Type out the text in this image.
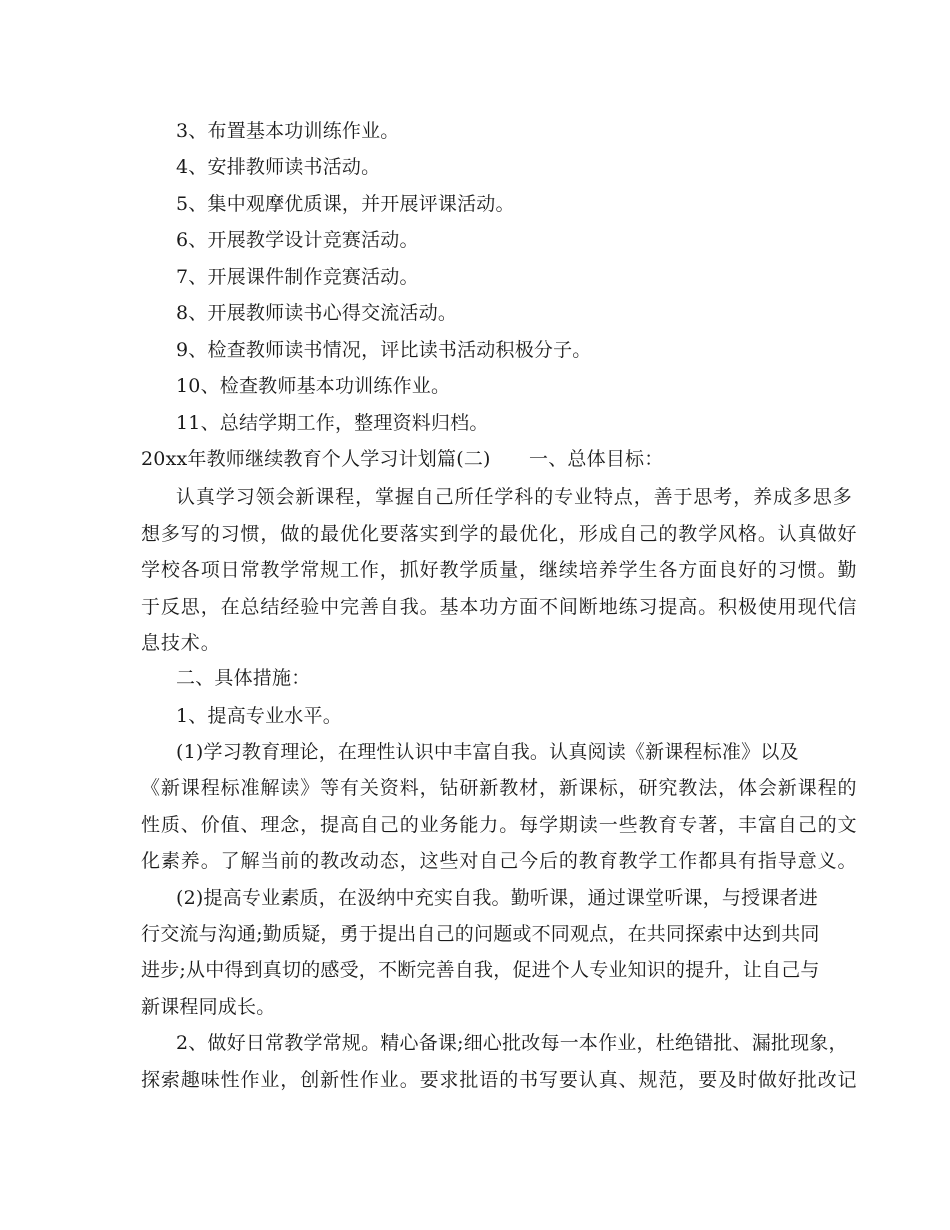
3、布置基本功训练作业。
4、安排教师读书活动。
5、集中观摩优质课，并开展评课活动。
6、开展教学设计竞赛活动。
7、开展课件制作竞赛活动。
8、开展教师读书心得交流活动。
9、检查教师读书情况，评比读书活动积极分子。
10、检查教师基本功训练作业。
11、总结学期工作，整理资料归档。
20xx年教师继续教育个人学习计划篇(二)　　一、总体目标：
认真学习领会新课程，掌握自己所任学科的专业特点，善于思考，养成多思多
想多写的习惯，做的最优化要落实到学的最优化，形成自己的教学风格。认真做好
学校各项日常教学常规工作，抓好教学质量，继续培养学生各方面良好的习惯。勤
于反思，在总结经验中完善自我。基本功方面不间断地练习提高。积极使用现代信
息技术。
二、具体措施：
1、提高专业水平。
(1)学习教育理论，在理性认识中丰富自我。认真阅读《新课程标准》以及
《新课程标准解读》等有关资料，钻研新教材，新课标，研究教法，体会新课程的
性质、价值、理念，提高自己的业务能力。每学期读一些教育专著，丰富自己的文
化素养。了解当前的教改动态，这些对自己今后的教育教学工作都具有指导意义。
(2)提高专业素质，在汲纳中充实自我。勤听课，通过课堂听课，与授课者进
行交流与沟通;勤质疑，勇于提出自己的问题或不同观点，在共同探索中达到共同
进步;从中得到真切的感受，不断完善自我，促进个人专业知识的提升，让自己与
新课程同成长。
2、做好日常教学常规。精心备课;细心批改每一本作业，杜绝错批、漏批现象，
探索趣味性作业，创新性作业。要求批语的书写要认真、规范，要及时做好批改记
